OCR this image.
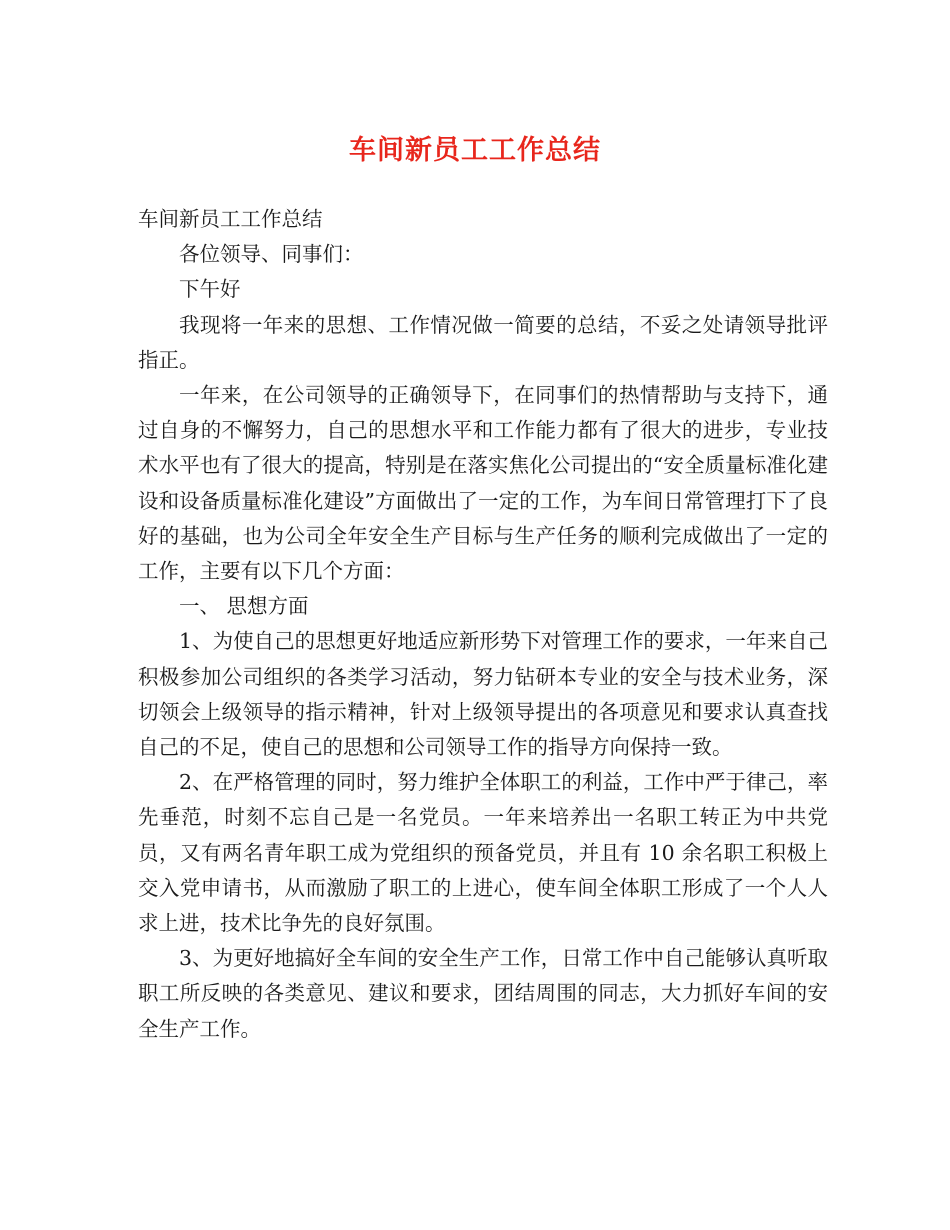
车间新员工工作总结

车间新员工工作总结

各位领导、同事们：

下午好

我现将一年来的思想、工作情况做一简要的总结，不妥之处请领导批评指正。

一年来，在公司领导的正确领导下，在同事们的热情帮助与支持下，通过自身的不懈努力，自己的思想水平和工作能力都有了很大的进步，专业技术水平也有了很大的提高，特别是在落实焦化公司提出的“安全质量标准化建设和设备质量标准化建设”方面做出了一定的工作，为车间日常管理打下了良好的基础，也为公司全年安全生产目标与生产任务的顺利完成做出了一定的工作，主要有以下几个方面：

一、 思想方面

1、为使自己的思想更好地适应新形势下对管理工作的要求，一年来自己积极参加公司组织的各类学习活动，努力钻研本专业的安全与技术业务，深切领会上级领导的指示精神，针对上级领导提出的各项意见和要求认真查找自己的不足，使自己的思想和公司领导工作的指导方向保持一致。

2、在严格管理的同时，努力维护全体职工的利益，工作中严于律己，率先垂范，时刻不忘自己是一名党员。一年来培养出一名职工转正为中共党员，又有两名青年职工成为党组织的预备党员，并且有 10 余名职工积极上交入党申请书，从而激励了职工的上进心，使车间全体职工形成了一个人人求上进，技术比争先的良好氛围。

3、为更好地搞好全车间的安全生产工作，日常工作中自己能够认真听取职工所反映的各类意见、建议和要求，团结周围的同志，大力抓好车间的安全生产工作。
